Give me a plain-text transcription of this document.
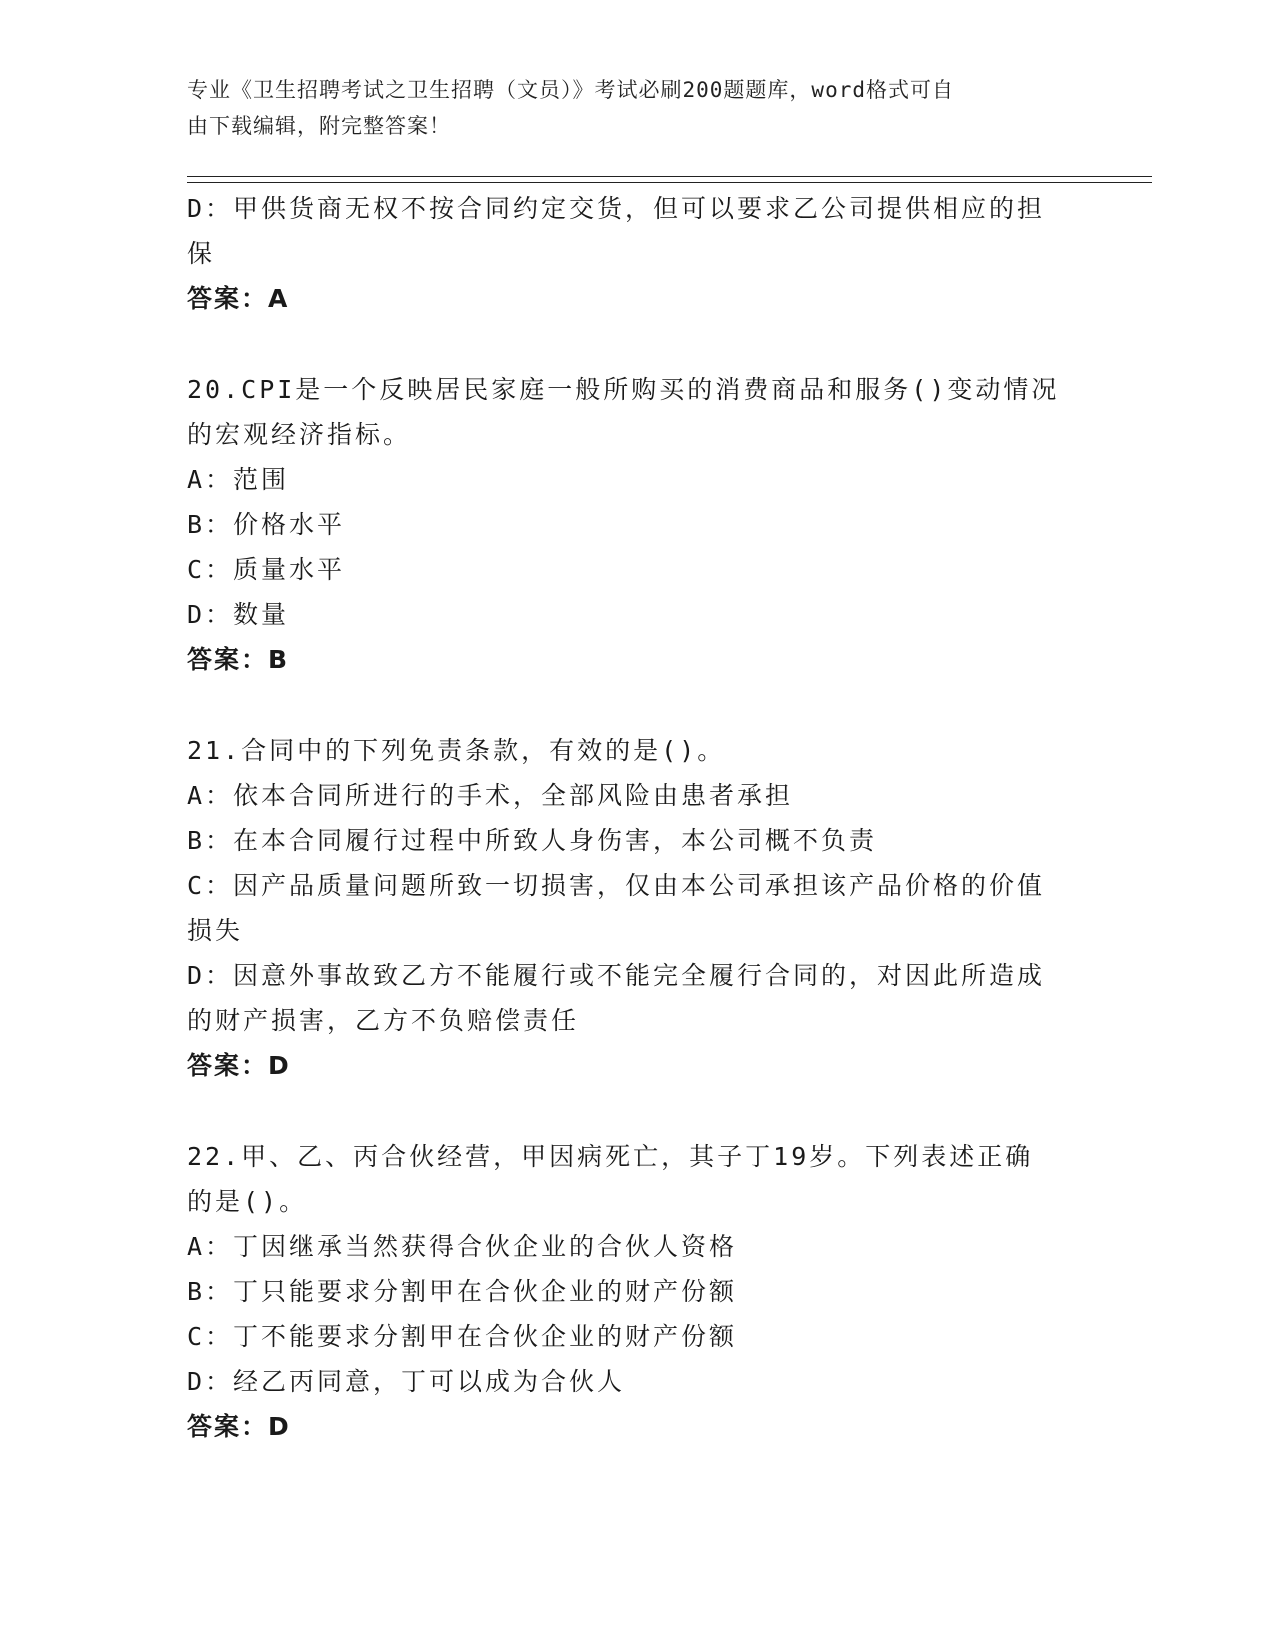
专业《卫生招聘考试之卫生招聘（文员）》考试必刷200题题库，word格式可自
由下载编辑，附完整答案！
D：甲供货商无权不按合同约定交货，但可以要求乙公司提供相应的担
保
答案：A
20.CPI是一个反映居民家庭一般所购买的消费商品和服务()变动情况
的宏观经济指标。
A：范围
B：价格水平
C：质量水平
D：数量
答案：B
21.合同中的下列免责条款，有效的是()。
A：依本合同所进行的手术，全部风险由患者承担
B：在本合同履行过程中所致人身伤害，本公司概不负责
C：因产品质量问题所致一切损害，仅由本公司承担该产品价格的价值
损失
D：因意外事故致乙方不能履行或不能完全履行合同的，对因此所造成
的财产损害，乙方不负赔偿责任
答案：D
22.甲、乙、丙合伙经营，甲因病死亡，其子丁19岁。下列表述正确
的是()。
A：丁因继承当然获得合伙企业的合伙人资格
B：丁只能要求分割甲在合伙企业的财产份额
C：丁不能要求分割甲在合伙企业的财产份额
D：经乙丙同意，丁可以成为合伙人
答案：D
